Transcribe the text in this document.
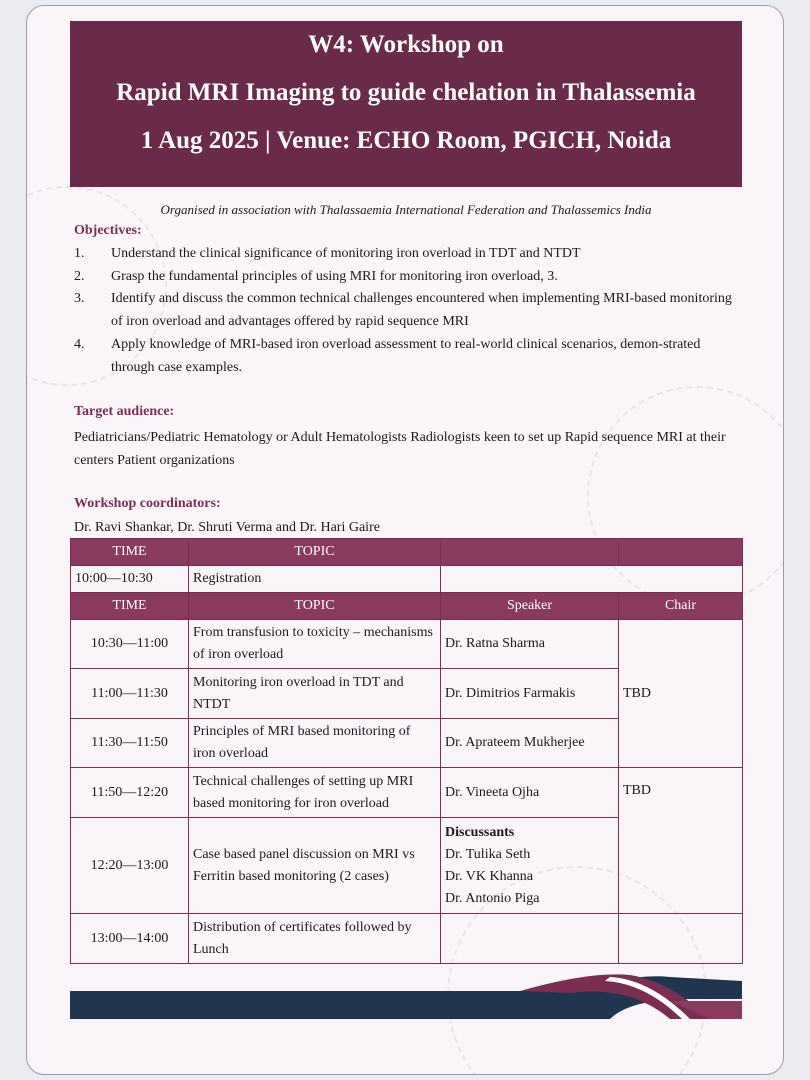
W4: Workshop on
Rapid MRI Imaging to guide chelation in Thalassemia
1 Aug 2025 | Venue: ECHO Room, PGICH, Noida
Organised in association with Thalassaemia International Federation and Thalassemics India
Objectives:
1.	Understand the clinical significance of monitoring iron overload in TDT and NTDT
2.	Grasp the fundamental principles of using MRI for monitoring iron overload, 3.
3.	Identify and discuss the common technical challenges encountered when implementing MRI-based monitoring of iron overload and advantages offered by rapid sequence MRI
4.	Apply knowledge of MRI-based iron overload assessment to real-world clinical scenarios, demon-strated through case examples.
Target audience:
Pediatricians/Pediatric Hematology or Adult Hematologists Radiologists keen to set up Rapid sequence MRI at their centers Patient organizations
Workshop coordinators:
Dr. Ravi Shankar, Dr. Shruti Verma and Dr. Hari Gaire
TIME	TOPIC		
10:00—10:30	Registration		
TIME	TOPIC	Speaker	Chair
10:30—11:00	From transfusion to toxicity – mechanisms of iron overload	Dr. Ratna Sharma	TBD
11:00—11:30	Monitoring iron overload in TDT and NTDT	Dr. Dimitrios Farmakis	
11:30—11:50	Principles of MRI based monitoring of iron overload	Dr. Aprateem Mukherjee	
11:50—12:20	Technical challenges of setting up MRI based monitoring for iron overload	Dr. Vineeta Ojha	TBD
12:20—13:00	Case based panel discussion on MRI vs Ferritin based monitoring (2 cases)	Discussants
Dr. Tulika Seth
Dr. VK Khanna
Dr. Antonio Piga	

13:00—14:00	Distribution of certificates followed by Lunch		
